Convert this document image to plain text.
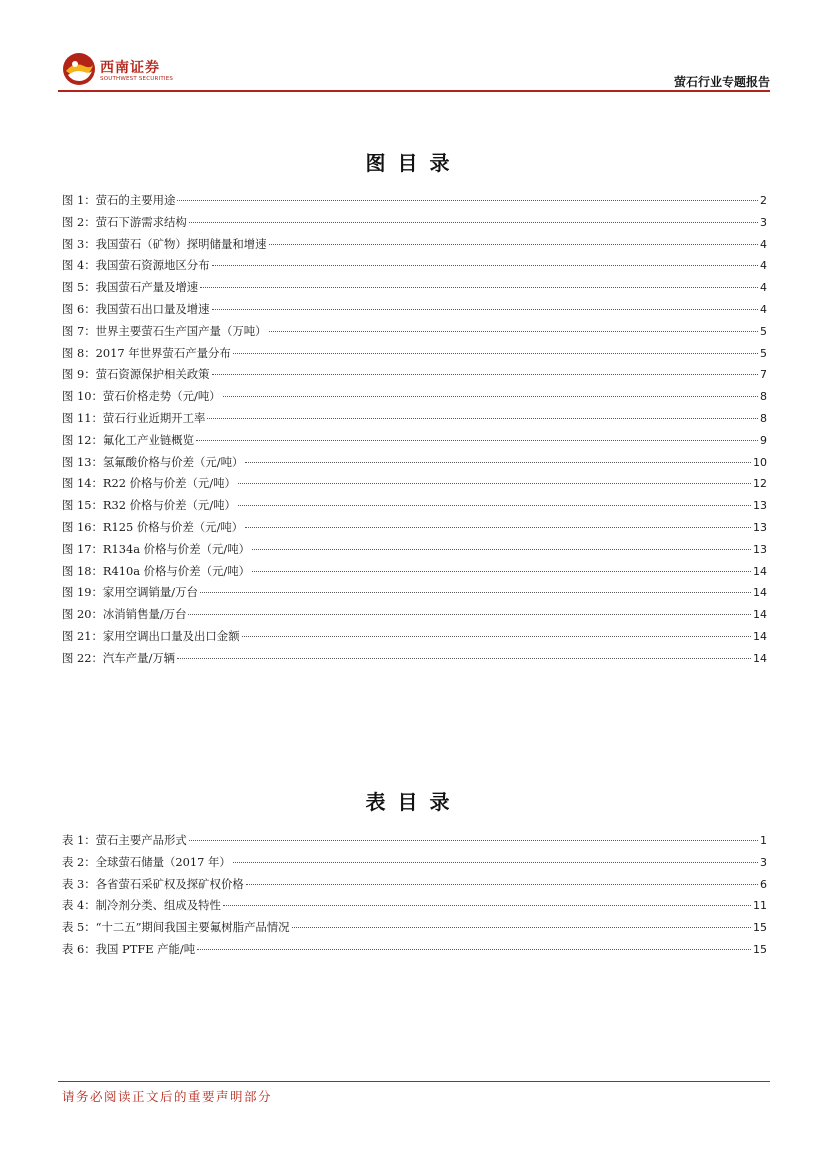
西南证券
SOUTHWEST SECURITIES	萤石行业专题报告
图目录
图 1：萤石的主要用途	2
图 2：萤石下游需求结构	3
图 3：我国萤石（矿物）探明储量和增速	4
图 4：我国萤石资源地区分布	4
图 5：我国萤石产量及增速	4
图 6：我国萤石出口量及增速	4
图 7：世界主要萤石生产国产量（万吨）	5
图 8：2017 年世界萤石产量分布	5
图 9：萤石资源保护相关政策	7
图 10：萤石价格走势（元/吨）	8
图 11：萤石行业近期开工率	8
图 12：氟化工产业链概览	9
图 13：氢氟酸价格与价差（元/吨）	10
图 14：R22 价格与价差（元/吨）	12
图 15：R32 价格与价差（元/吨）	13
图 16：R125 价格与价差（元/吨）	13
图 17：R134a 价格与价差（元/吨）	13
图 18：R410a 价格与价差（元/吨）	14
图 19：家用空调销量/万台	14
图 20：冰消销售量/万台	14
图 21：家用空调出口量及出口金额	14
图 22：汽车产量/万辆	14
表目录
表 1：萤石主要产品形式	1
表 2：全球萤石储量（2017 年）	3
表 3：各省萤石采矿权及探矿权价格	6
表 4：制冷剂分类、组成及特性	11
表 5：“十二五”期间我国主要氟树脂产品情况	15
表 6：我国 PTFE 产能/吨	15
请务必阅读正文后的重要声明部分
